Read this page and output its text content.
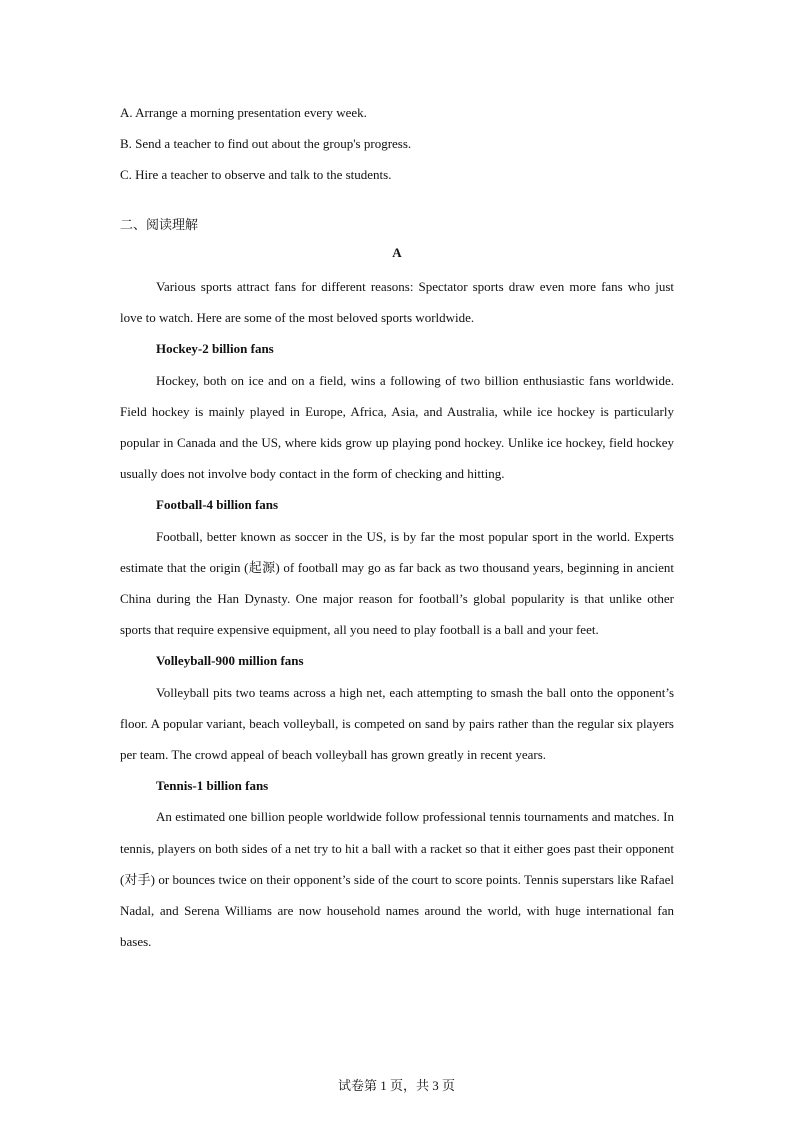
A. Arrange a morning presentation every week.

B. Send a teacher to find out about the group's progress.

C. Hire a teacher to observe and talk to the students.

二、阅读理解
A

Various sports attract fans for different reasons: Spectator sports draw even more fans who just love to watch. Here are some of the most beloved sports worldwide.

Hockey-2 billion fans

Hockey, both on ice and on a field, wins a following of two billion enthusiastic fans worldwide. Field hockey is mainly played in Europe, Africa, Asia, and Australia, while ice hockey is particularly popular in Canada and the US, where kids grow up playing pond hockey. Unlike ice hockey, field hockey usually does not involve body contact in the form of checking and hitting.

Football-4 billion fans

Football, better known as soccer in the US, is by far the most popular sport in the world. Experts estimate that the origin (起源) of football may go as far back as two thousand years, beginning in ancient China during the Han Dynasty. One major reason for football’s global popularity is that unlike other sports that require expensive equipment, all you need to play football is a ball and your feet.

Volleyball-900 million fans

Volleyball pits two teams across a high net, each attempting to smash the ball onto the opponent’s floor. A popular variant, beach volleyball, is competed on sand by pairs rather than the regular six players per team. The crowd appeal of beach volleyball has grown greatly in recent years.

Tennis-1 billion fans

An estimated one billion people worldwide follow professional tennis tournaments and matches. In tennis, players on both sides of a net try to hit a ball with a racket so that it either goes past their opponent (对手) or bounces twice on their opponent’s side of the court to score points. Tennis superstars like Rafael Nadal, and Serena Williams are now household names around the world, with huge international fan bases.

试卷第 1 页，共 3 页
